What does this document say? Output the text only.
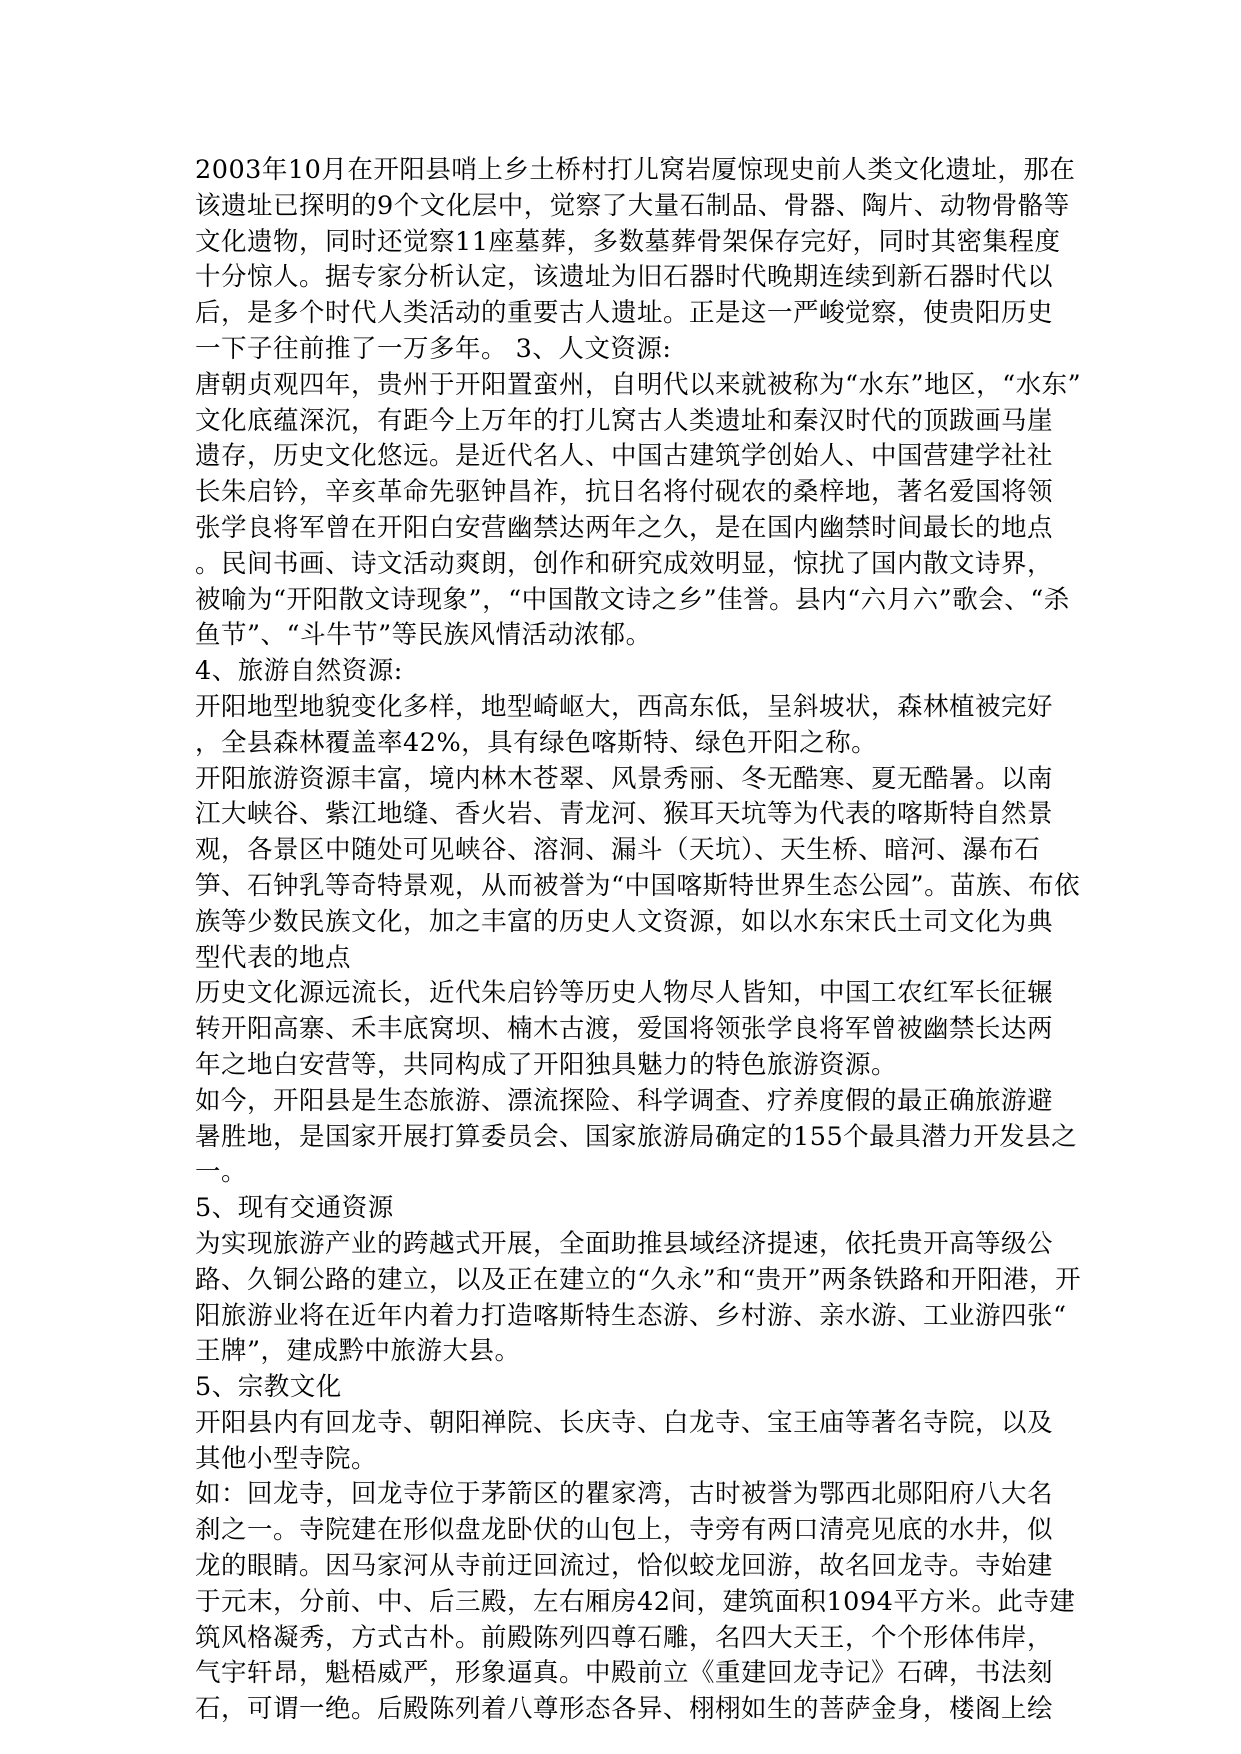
2003年10月在开阳县哨上乡土桥村打儿窝岩厦惊现史前人类文化遗址，那在
该遗址已探明的9个文化层中，觉察了大量石制品、骨器、陶片、动物骨骼等
文化遗物，同时还觉察11座墓葬，多数墓葬骨架保存完好，同时其密集程度
十分惊人。据专家分析认定，该遗址为旧石器时代晚期连续到新石器时代以
后，是多个时代人类活动的重要古人遗址。正是这一严峻觉察，使贵阳历史
一下子往前推了一万多年。 3、人文资源:
唐朝贞观四年，贵州于开阳置蛮州，自明代以来就被称为“水东”地区，“水东”
文化底蕴深沉，有距今上万年的打儿窝古人类遗址和秦汉时代的顶跋画马崖
遗存，历史文化悠远。是近代名人、中国古建筑学创始人、中国营建学社社
长朱启钤，辛亥革命先驱钟昌祚，抗日名将付砚农的桑梓地，著名爱国将领
张学良将军曾在开阳白安营幽禁达两年之久，是在国内幽禁时间最长的地点
。民间书画、诗文活动爽朗，创作和研究成效明显，惊扰了国内散文诗界，
被喻为“开阳散文诗现象”，“中国散文诗之乡”佳誉。县内“六月六”歌会、“杀
鱼节”、“斗牛节”等民族风情活动浓郁。
4、旅游自然资源:
开阳地型地貌变化多样，地型崎岖大，西高东低，呈斜坡状，森林植被完好
，全县森林覆盖率42%，具有绿色喀斯特、绿色开阳之称。
开阳旅游资源丰富，境内林木苍翠、风景秀丽、冬无酷寒、夏无酷暑。以南
江大峡谷、紫江地缝、香火岩、青龙河、猴耳天坑等为代表的喀斯特自然景
观，各景区中随处可见峡谷、溶洞、漏斗（天坑）、天生桥、暗河、瀑布石
笋、石钟乳等奇特景观，从而被誉为“中国喀斯特世界生态公园”。苗族、布依
族等少数民族文化，加之丰富的历史人文资源，如以水东宋氏土司文化为典
型代表的地点
历史文化源远流长，近代朱启钤等历史人物尽人皆知，中国工农红军长征辗
转开阳高寨、禾丰底窝坝、楠木古渡，爱国将领张学良将军曾被幽禁长达两
年之地白安营等，共同构成了开阳独具魅力的特色旅游资源。
如今，开阳县是生态旅游、漂流探险、科学调查、疗养度假的最正确旅游避
暑胜地，是国家开展打算委员会、国家旅游局确定的155个最具潜力开发县之
一。
5、现有交通资源
为实现旅游产业的跨越式开展，全面助推县域经济提速，依托贵开高等级公
路、久铜公路的建立，以及正在建立的“久永”和“贵开”两条铁路和开阳港，开
阳旅游业将在近年内着力打造喀斯特生态游、乡村游、亲水游、工业游四张“
王牌”，建成黔中旅游大县。
5、宗教文化
开阳县内有回龙寺、朝阳禅院、长庆寺、白龙寺、宝王庙等著名寺院，以及
其他小型寺院。
如：回龙寺，回龙寺位于茅箭区的瞿家湾，古时被誉为鄂西北郧阳府八大名
刹之一。寺院建在形似盘龙卧伏的山包上，寺旁有两口清亮见底的水井，似
龙的眼睛。因马家河从寺前迂回流过，恰似蛟龙回游，故名回龙寺。寺始建
于元末，分前、中、后三殿，左右厢房42间，建筑面积1094平方米。此寺建
筑风格凝秀，方式古朴。前殿陈列四尊石雕，名四大天王，个个形体伟岸，
气宇轩昂，魁梧威严，形象逼真。中殿前立《重建回龙寺记》石碑，书法刻
石，可谓一绝。后殿陈列着八尊形态各异、栩栩如生的菩萨金身，楼阁上绘
